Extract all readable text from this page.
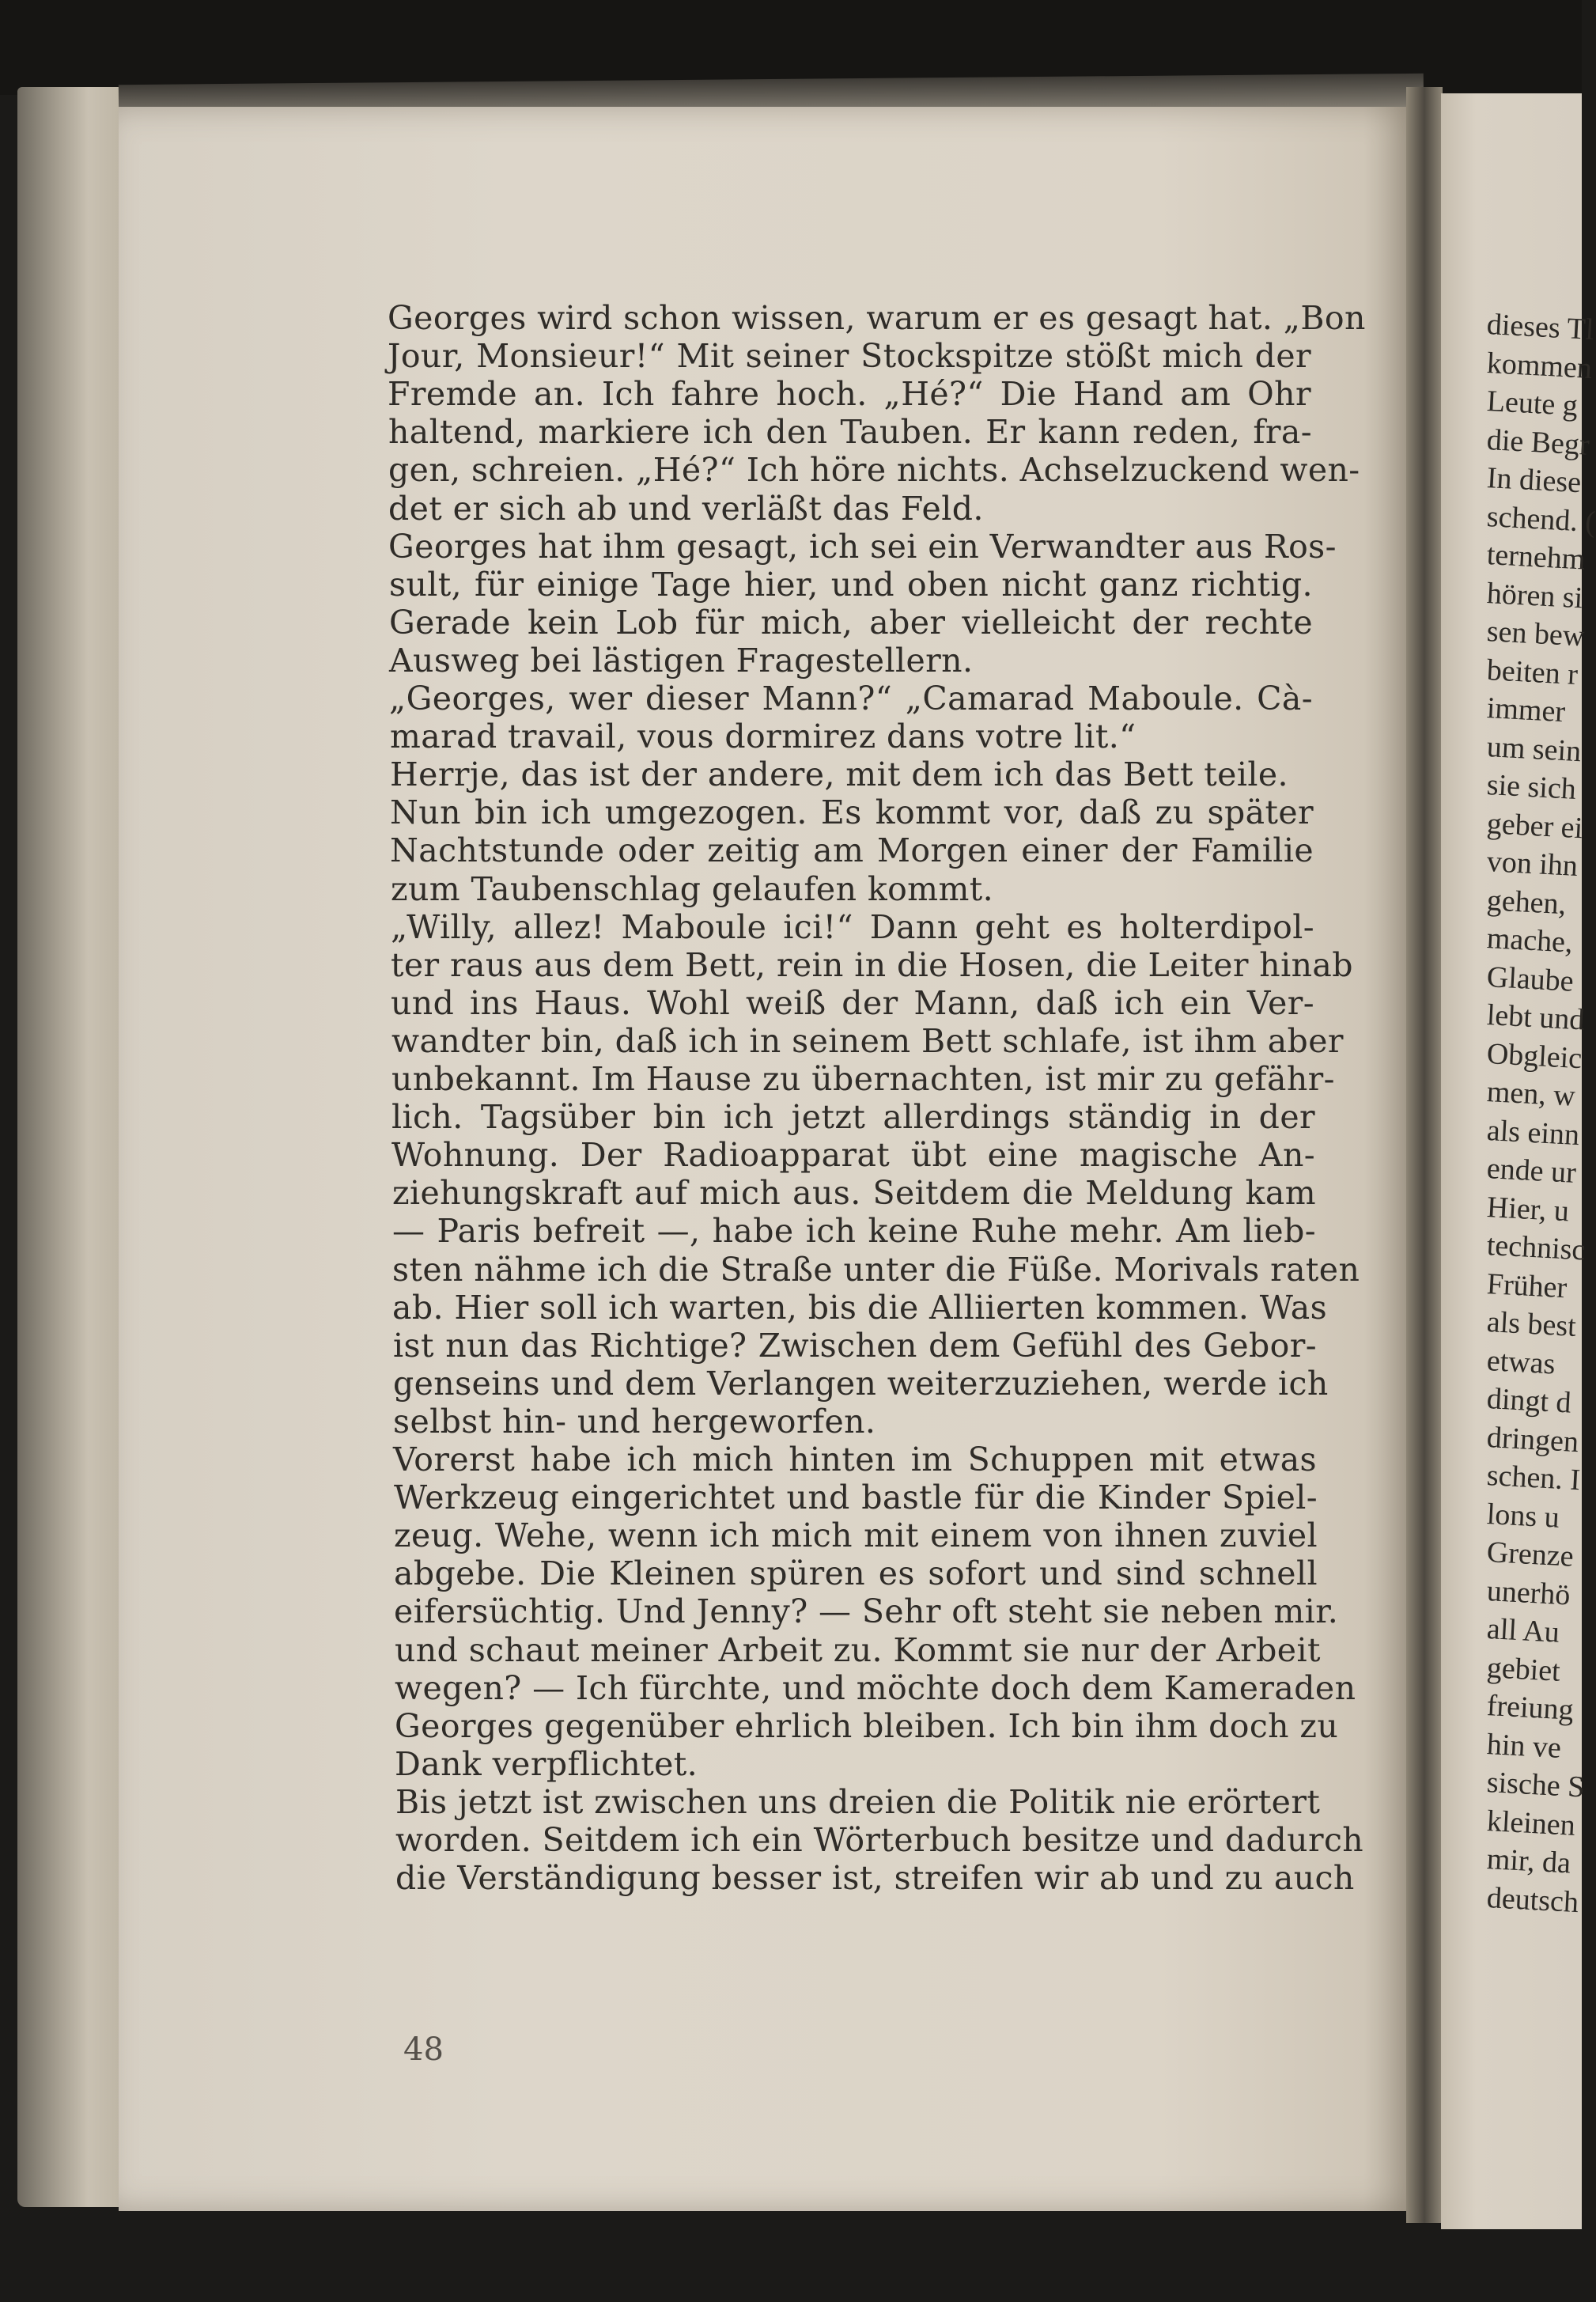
dieses Tl
kommen
Leute g
die Begr
In diese
schend. (
ternehm
hören si
sen bew
beiten r
immer
um sein
sie sich
geber ei
von ihn
gehen,
mache,
Glaube
lebt und
Obgleic
men, w
als einn
ende ur
Hier, u
technisc
Früher
als best
etwas
dingt d
dringen
schen. I
lons u
Grenze
unerhö
all Au
gebiet
freiung
hin ve
sische S
kleinen
mir, da
deutsch
Georges wird schon wissen, warum er es gesagt hat. „Bon
Jour, Monsieur!“ Mit seiner Stockspitze stößt mich der
Fremde an. Ich fahre hoch. „Hé?“ Die Hand am Ohr
haltend, markiere ich den Tauben. Er kann reden, fra-
gen, schreien. „Hé?“ Ich höre nichts. Achselzuckend wen-
det er sich ab und verläßt das Feld.
Georges hat ihm gesagt, ich sei ein Verwandter aus Ros-
sult, für einige Tage hier, und oben nicht ganz richtig.
Gerade kein Lob für mich, aber vielleicht der rechte
Ausweg bei lästigen Fragestellern.
„Georges, wer dieser Mann?“ „Camarad Maboule. Cà-
marad travail, vous dormirez dans votre lit.“
Herrje, das ist der andere, mit dem ich das Bett teile.
Nun bin ich umgezogen. Es kommt vor, daß zu später
Nachtstunde oder zeitig am Morgen einer der Familie
zum Taubenschlag gelaufen kommt.
„Willy, allez! Maboule ici!“ Dann geht es holterdipol-
ter raus aus dem Bett, rein in die Hosen, die Leiter hinab
und ins Haus. Wohl weiß der Mann, daß ich ein Ver-
wandter bin, daß ich in seinem Bett schlafe, ist ihm aber
unbekannt. Im Hause zu übernachten, ist mir zu gefähr-
lich. Tagsüber bin ich jetzt allerdings ständig in der
Wohnung. Der Radioapparat übt eine magische An-
ziehungskraft auf mich aus. Seitdem die Meldung kam
— Paris befreit —, habe ich keine Ruhe mehr. Am lieb-
sten nähme ich die Straße unter die Füße. Morivals raten
ab. Hier soll ich warten, bis die Alliierten kommen. Was
ist nun das Richtige? Zwischen dem Gefühl des Gebor-
genseins und dem Verlangen weiterzuziehen, werde ich
selbst hin- und hergeworfen.
Vorerst habe ich mich hinten im Schuppen mit etwas
Werkzeug eingerichtet und bastle für die Kinder Spiel-
zeug. Wehe, wenn ich mich mit einem von ihnen zuviel
abgebe. Die Kleinen spüren es sofort und sind schnell
eifersüchtig. Und Jenny? — Sehr oft steht sie neben mir.
und schaut meiner Arbeit zu. Kommt sie nur der Arbeit
wegen? — Ich fürchte, und möchte doch dem Kameraden
Georges gegenüber ehrlich bleiben. Ich bin ihm doch zu
Dank verpflichtet.
Bis jetzt ist zwischen uns dreien die Politik nie erörtert
worden. Seitdem ich ein Wörterbuch besitze und dadurch
die Verständigung besser ist, streifen wir ab und zu auch
48
